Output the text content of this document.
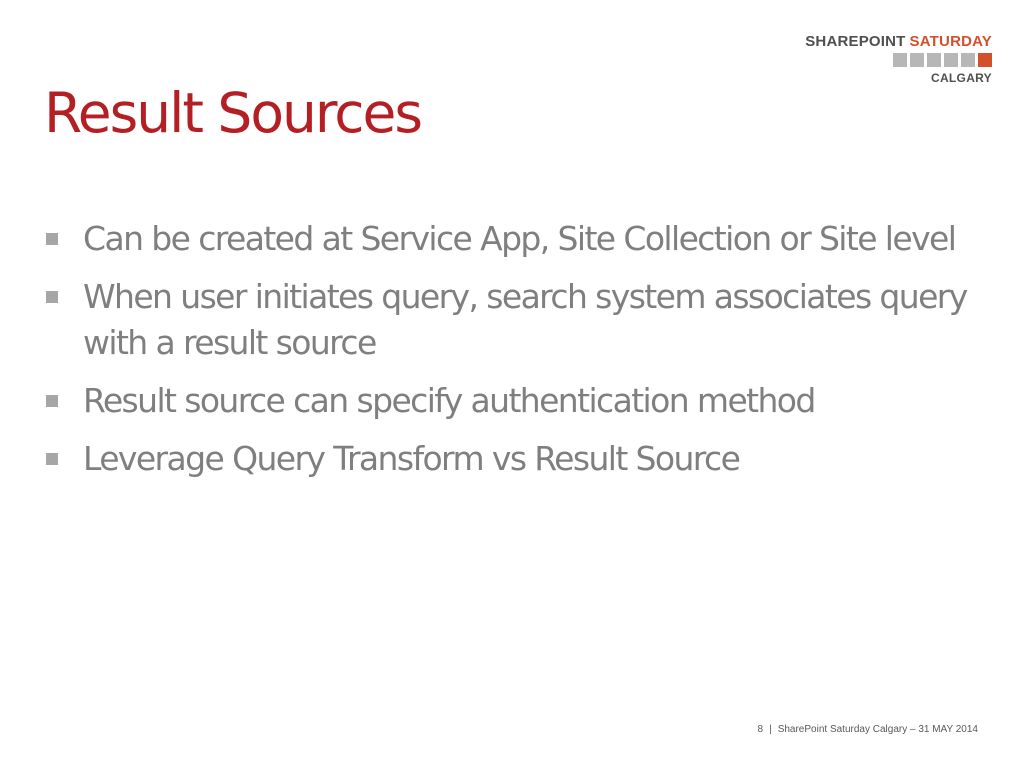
SHAREPOINT SATURDAY
CALGARY
Result Sources
Can be created at Service App, Site Collection or Site level
When user initiates query, search system associates query with a result source
Result source can specify authentication method
Leverage Query Transform vs Result Source
8 | SharePoint Saturday Calgary – 31 MAY 2014
